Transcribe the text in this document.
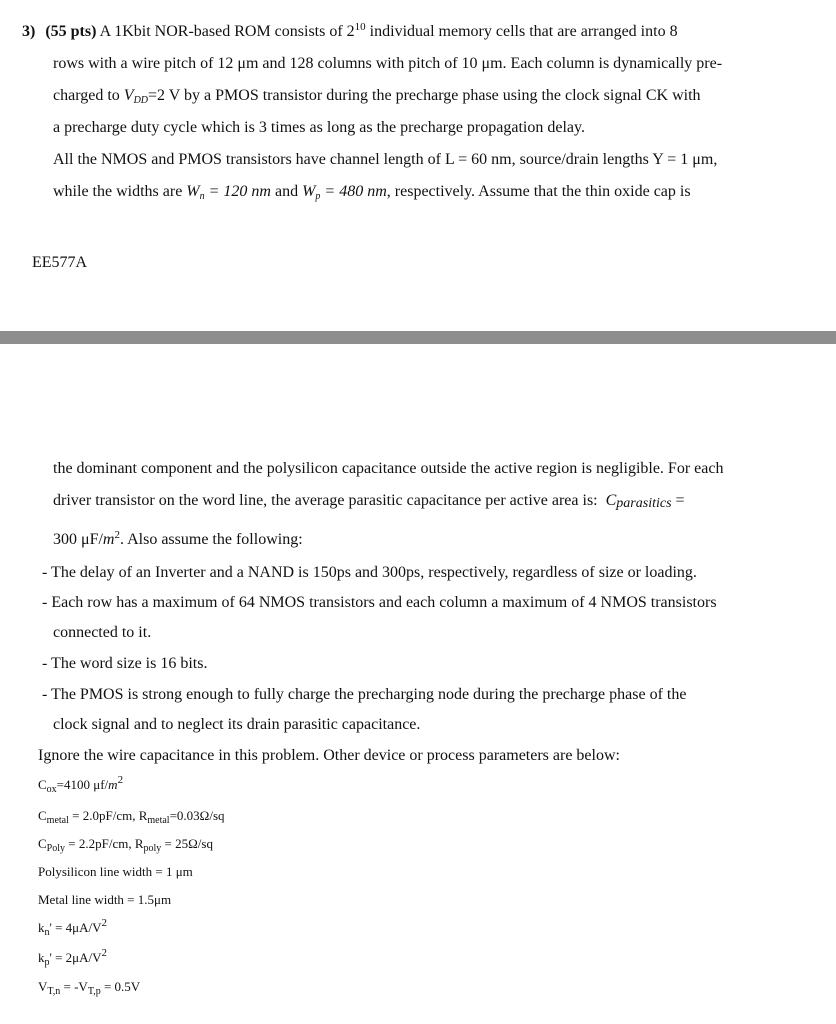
3) (55 pts) A 1Kbit NOR-based ROM consists of $2^{10}$ individual memory cells that are arranged into 8
rows with a wire pitch of 12 μm and 128 columns with pitch of 10 μm. Each column is dynamically pre-
charged to $V_{DD}=2$ V by a PMOS transistor during the precharge phase using the clock signal CK with
a precharge duty cycle which is 3 times as long as the precharge propagation delay.
All the NMOS and PMOS transistors have channel length of L = 60 nm, source/drain lengths Y = 1 μm,
while the widths are $W_n = 120$ nm and $W_p = 480$ nm, respectively. Assume that the thin oxide cap is
EE577A
the dominant component and the polysilicon capacitance outside the active region is negligible. For each
driver transistor on the word line, the average parasitic capacitance per active area is: $C_{parasitics}$ =
300 $\mu F/m^2$. Also assume the following:
- The delay of an Inverter and a NAND is 150ps and 300ps, respectively, regardless of size or loading.
- Each row has a maximum of 64 NMOS transistors and each column a maximum of 4 NMOS transistors
connected to it.
- The word size is 16 bits.
- The PMOS is strong enough to fully charge the precharging node during the precharge phase of the
clock signal and to neglect its drain parasitic capacitance.
Ignore the wire capacitance in this problem. Other device or process parameters are below:
$C_{ox}=4100$ $\mu f/m^2$
$C_{metal} = 2.0pF/cm$, $R_{metal}=0.03\Omega/sq$
$C_{Poly} = 2.2pF/cm$, $R_{poly} = 25\Omega/sq$
Polysilicon line width = 1 μm
Metal line width = 1.5μm
$k_n' = 4\mu A/V^2$
$k_p' = 2\mu A/V^2$
$V_{T,n} = -V_{T,p} = 0.5V$
